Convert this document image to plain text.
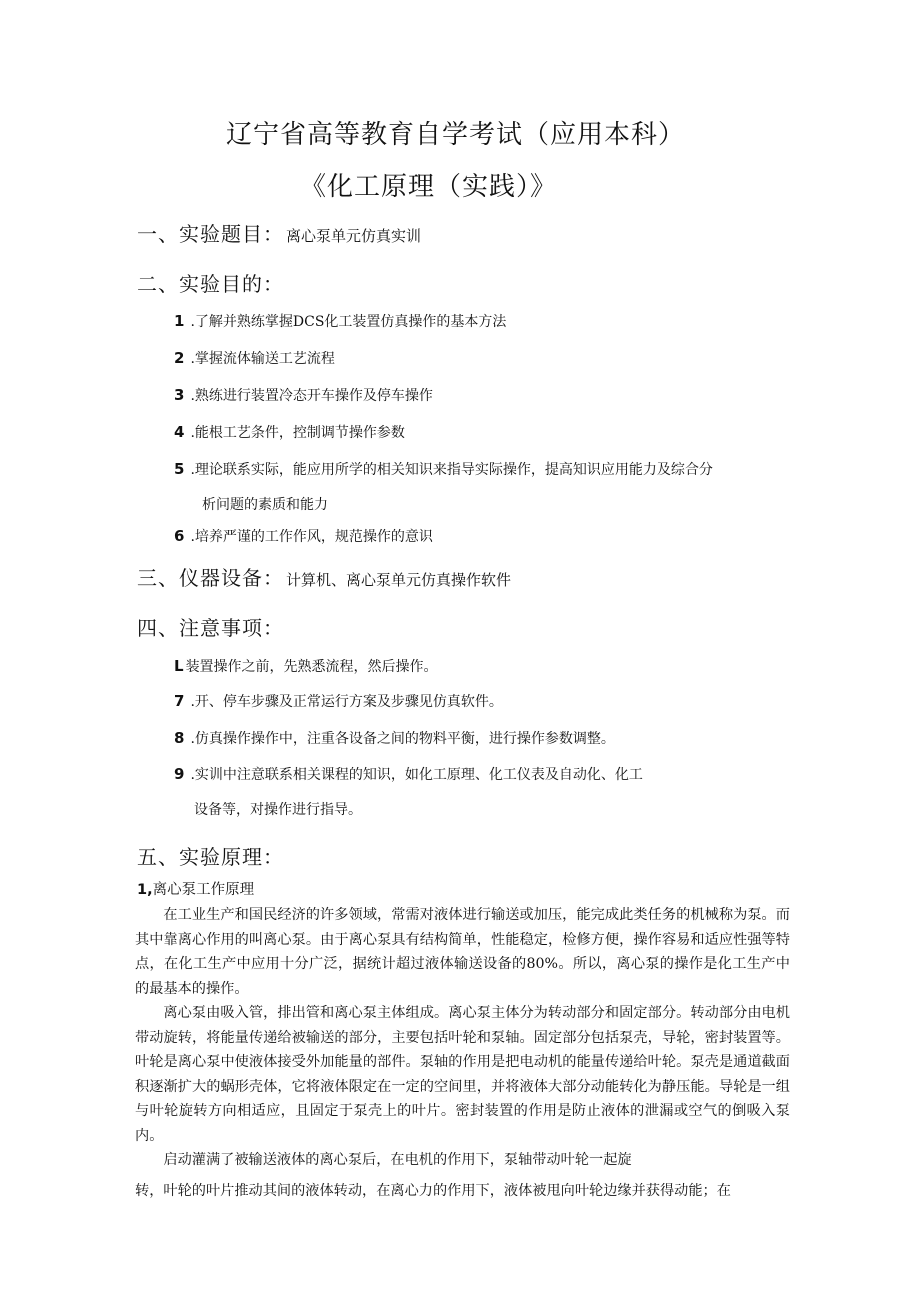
辽宁省高等教育自学考试（应用本科）
《化工原理（实践）》
一、实验题目： 离心泵单元仿真实训
二、实验目的：
1 .了解并熟练掌握DCS化工装置仿真操作的基本方法
2 .掌握流体输送工艺流程
3 .熟练进行装置冷态开车操作及停车操作
4 .能根工艺条件，控制调节操作参数
5 .理论联系实际，能应用所学的相关知识来指导实际操作，提高知识应用能力及综合分
析问题的素质和能力
6 .培养严谨的工作作风，规范操作的意识
三、仪器设备： 计算机、离心泵单元仿真操作软件
四、注意事项：
L 装置操作之前，先熟悉流程，然后操作。
7 .开、停车步骤及正常运行方案及步骤见仿真软件。
8 .仿真操作操作中，注重各设备之间的物料平衡，进行操作参数调整。
9 .实训中注意联系相关课程的知识，如化工原理、化工仪表及自动化、化工
设备等，对操作进行指导。
五、实验原理：
1,离心泵工作原理

在工业生产和国民经济的许多领域，常需对液体进行输送或加压，能完成此类任务的机械称为泵。而其中靠离心作用的叫离心泵。由于离心泵具有结构简单，性能稳定，检修方便，操作容易和适应性强等特点，在化工生产中应用十分广泛，据统计超过液体输送设备的80%。所以，离心泵的操作是化工生产中的最基本的操作。

离心泵由吸入管，排出管和离心泵主体组成。离心泵主体分为转动部分和固定部分。转动部分由电机带动旋转，将能量传递给被输送的部分，主要包括叶轮和泵轴。固定部分包括泵壳，导轮，密封装置等。叶轮是离心泵中使液体接受外加能量的部件。泵轴的作用是把电动机的能量传递给叶轮。泵壳是通道截面积逐渐扩大的蜗形壳体，它将液体限定在一定的空间里，并将液体大部分动能转化为静压能。导轮是一组与叶轮旋转方向相适应，且固定于泵壳上的叶片。密封装置的作用是防止液体的泄漏或空气的倒吸入泵内。

启动灌满了被输送液体的离心泵后，在电机的作用下，泵轴带动叶轮一起旋

转，叶轮的叶片推动其间的液体转动，在离心力的作用下，液体被甩向叶轮边缘并获得动能；在
